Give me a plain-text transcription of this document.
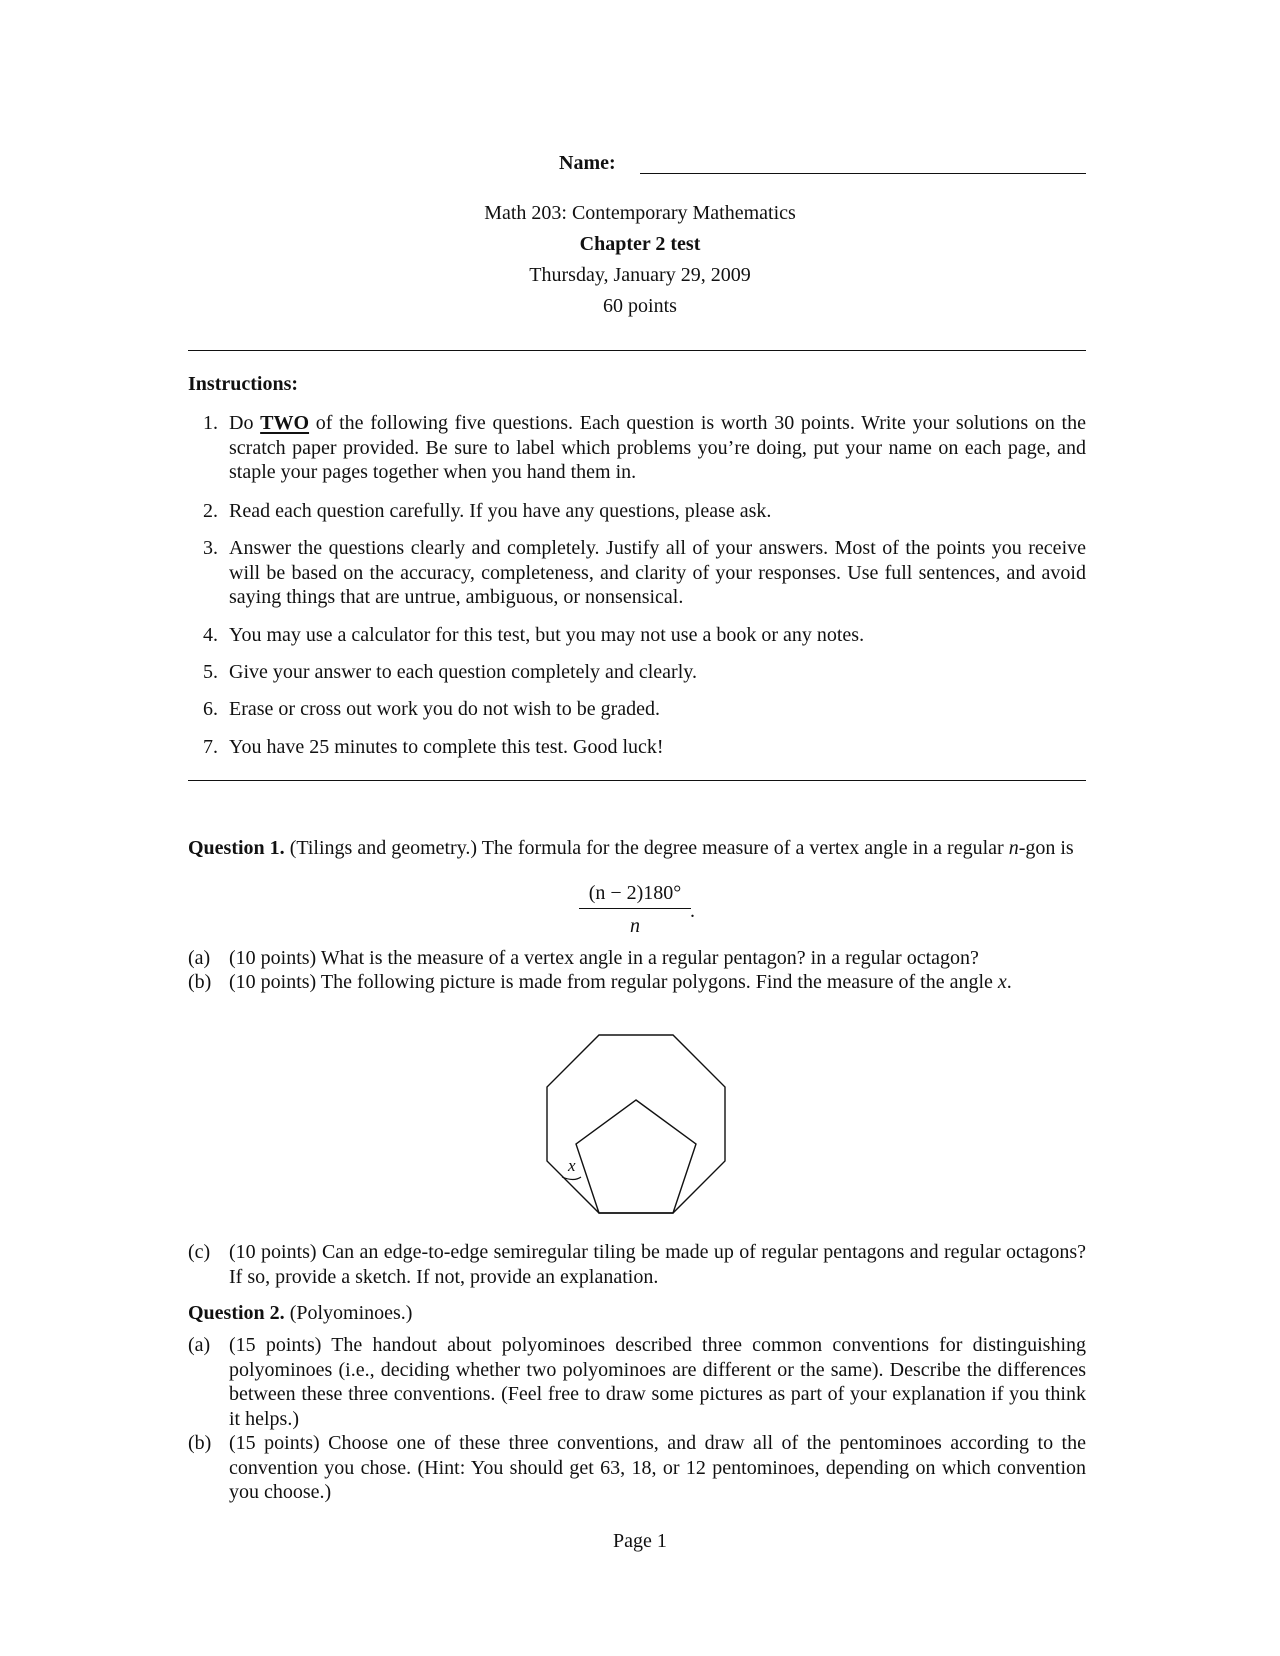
Name:
Math 203: Contemporary Mathematics
Chapter 2 test
Thursday, January 29, 2009
60 points
Instructions:
1. Do TWO of the following five questions. Each question is worth 30 points. Write your solutions on the scratch paper provided. Be sure to label which problems you’re doing, put your name on each page, and staple your pages together when you hand them in.
2. Read each question carefully. If you have any questions, please ask.
3. Answer the questions clearly and completely. Justify all of your answers. Most of the points you receive will be based on the accuracy, completeness, and clarity of your responses. Use full sentences, and avoid saying things that are untrue, ambiguous, or nonsensical.
4. You may use a calculator for this test, but you may not use a book or any notes.
5. Give your answer to each question completely and clearly.
6. Erase or cross out work you do not wish to be graded.
7. You have 25 minutes to complete this test. Good luck!
Question 1. (Tilings and geometry.) The formula for the degree measure of a vertex angle in a regular n-gon is
(n − 2)180°
n
.
(a) (10 points) What is the measure of a vertex angle in a regular pentagon? in a regular octagon?
(b) (10 points) The following picture is made from regular polygons. Find the measure of the angle x.
x
(c) (10 points) Can an edge-to-edge semiregular tiling be made up of regular pentagons and regular octagons? If so, provide a sketch. If not, provide an explanation.
Question 2. (Polyominoes.)
(a) (15 points) The handout about polyominoes described three common conventions for distinguishing polyominoes (i.e., deciding whether two polyominoes are different or the same). Describe the differences between these three conventions. (Feel free to draw some pictures as part of your explanation if you think it helps.)
(b) (15 points) Choose one of these three conventions, and draw all of the pentominoes according to the convention you chose. (Hint: You should get 63, 18, or 12 pentominoes, depending on which convention you choose.)
Page 1
